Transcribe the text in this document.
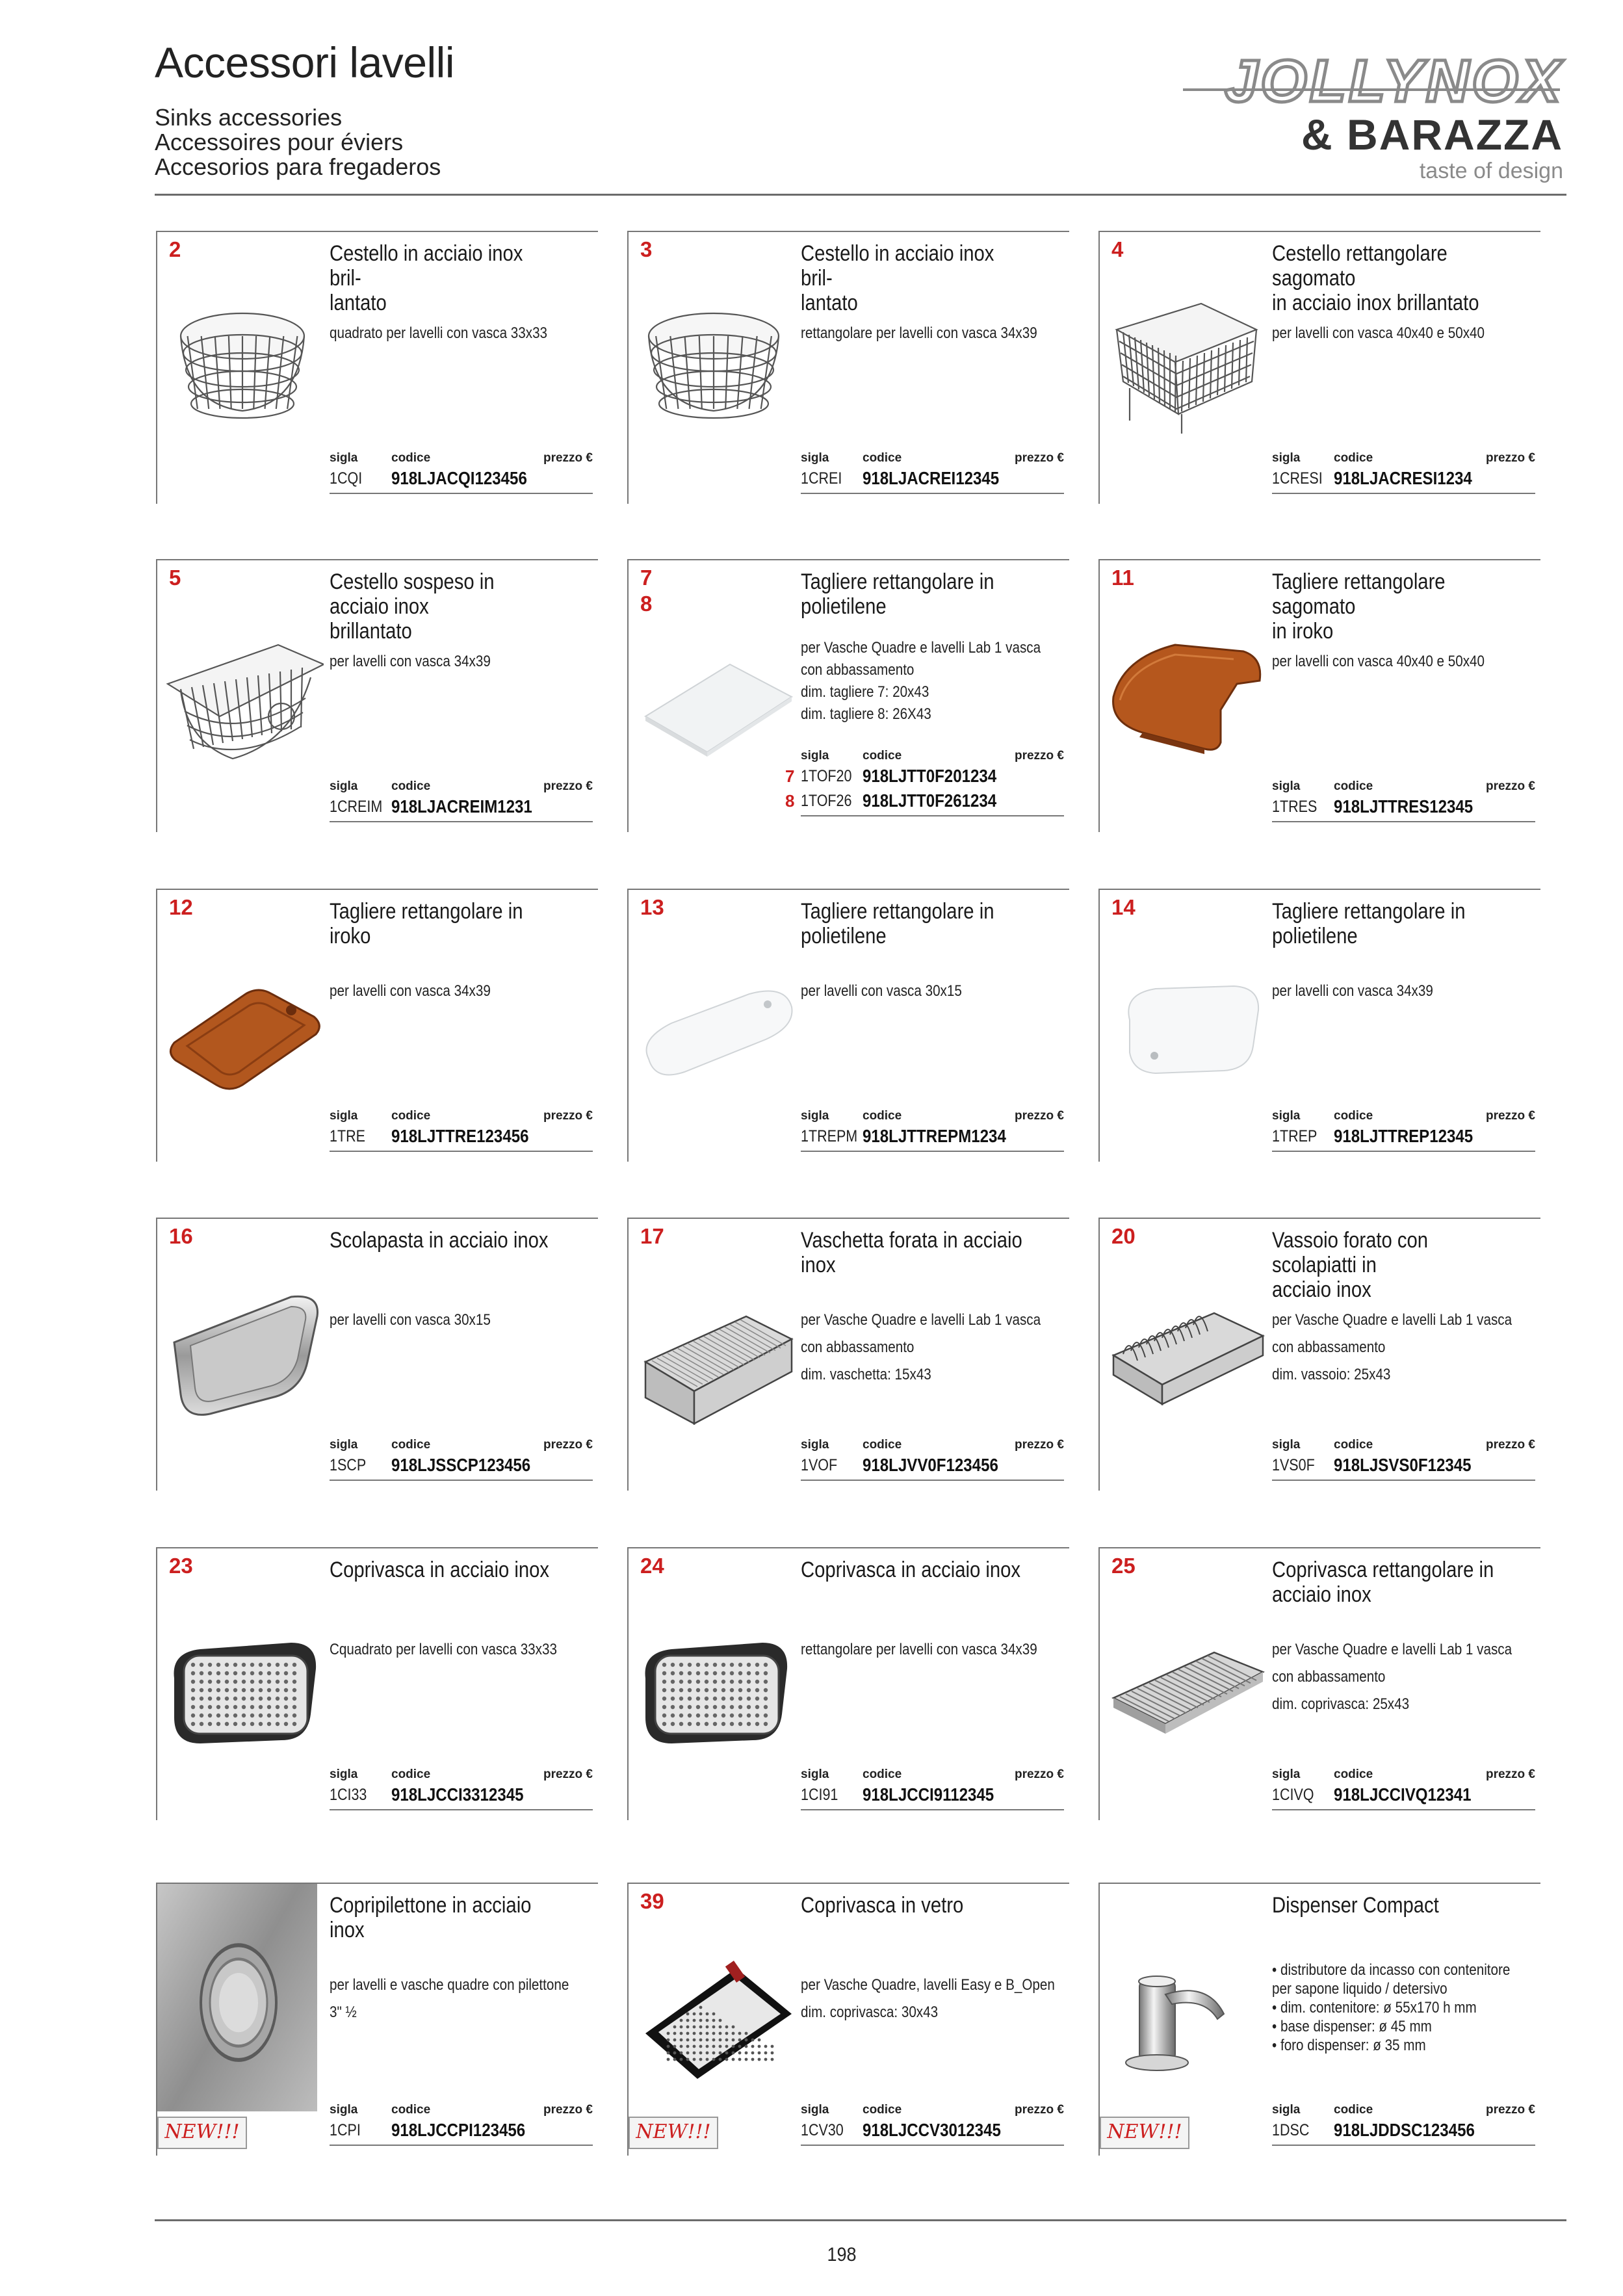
Accessori lavelli
Sinks accessories
Accessoires pour éviers
Accesorios para fregaderos
JOLLYNOX
& BARAZZA
taste of design
2	Cestello in acciaio inox bril-
lantato
quadrato per lavelli con vasca 33x33
sigla	codice	prezzo €
1CQI 918LJACQI123456
3	Cestello in acciaio inox bril-
lantato
rettangolare per lavelli con vasca 34x39
sigla	codice	prezzo €
1CREI 918LJACREI12345
4	Cestello rettangolare sagomato
in acciaio inox brillantato
per lavelli con vasca 40x40 e 50x40
sigla	codice	prezzo €
1CRESI 918LJACRESI1234
5	Cestello sospeso in acciaio inox
brillantato
per lavelli con vasca 34x39
sigla	codice	prezzo €
1CREIM 918LJACREIM1231
7
8
Tagliere rettangolare in
polietilene
per Vasche Quadre e lavelli Lab 1 vasca
con abbassamento
dim. tagliere 7: 20x43
dim. tagliere 8: 26X43
sigla	codice	prezzo €
7 1TOF20 918LJTT0F201234
8 1TOF26 918LJTT0F261234
11	Tagliere rettangolare sagomato
in iroko
per lavelli con vasca 40x40 e 50x40
sigla	codice	prezzo €
1TRES 918LJTTRES12345
12	Tagliere rettangolare in iroko
per lavelli con vasca 34x39
sigla	codice	prezzo €
1TRE 918LJTTRE123456
13	Tagliere rettangolare in
polietilene
per lavelli con vasca 30x15
sigla	codice	prezzo €
1TREPM 918LJTTREPM1234
14	Tagliere rettangolare in
polietilene
per lavelli con vasca 34x39
sigla	codice	prezzo €
1TREP 918LJTTREP12345
16	Scolapasta in acciaio inox
per lavelli con vasca 30x15
sigla	codice	prezzo €
1SCP 918LJSSCP123456
17	Vaschetta forata in acciaio inox
per Vasche Quadre e lavelli Lab 1 vasca
con abbassamento
dim. vaschetta: 15x43
sigla	codice	prezzo €
1VOF 918LJVV0F123456
20	Vassoio forato con scolapiatti in
acciaio inox
per Vasche Quadre e lavelli Lab 1 vasca
con abbassamento
dim. vassoio: 25x43
sigla	codice	prezzo €
1VS0F 918LJSVS0F12345
23	Coprivasca in acciaio inox
Cquadrato per lavelli con vasca 33x33
sigla	codice	prezzo €
1CI33 918LJCCI3312345
24	Coprivasca in acciaio inox
rettangolare per lavelli con vasca 34x39
sigla	codice	prezzo €
1CI91 918LJCCI9112345
25	Coprivasca rettangolare in
acciaio inox
per Vasche Quadre e lavelli Lab 1 vasca
con abbassamento
dim. coprivasca: 25x43
sigla	codice	prezzo €
1CIVQ 918LJCCIVQ12341
Copripilettone in acciaio inox
per lavelli e vasche quadre con pilettone
3" ½
sigla	codice	prezzo €
1CPI 918LJCCPI123456
NEW!!!
39	Coprivasca in vetro
per Vasche Quadre, lavelli Easy e B_Open
dim. coprivasca: 30x43
sigla	codice	prezzo €
1CV30 918LJCCV3012345
NEW!!!
Dispenser Compact
• distributore da incasso con contenitore
per sapone liquido / detersivo
• dim. contenitore: ø 55x170 h mm
• base dispenser: ø 45 mm
• foro dispenser: ø 35 mm
sigla	codice	prezzo €
1DSC 918LJDDSC123456
NEW!!!
198
